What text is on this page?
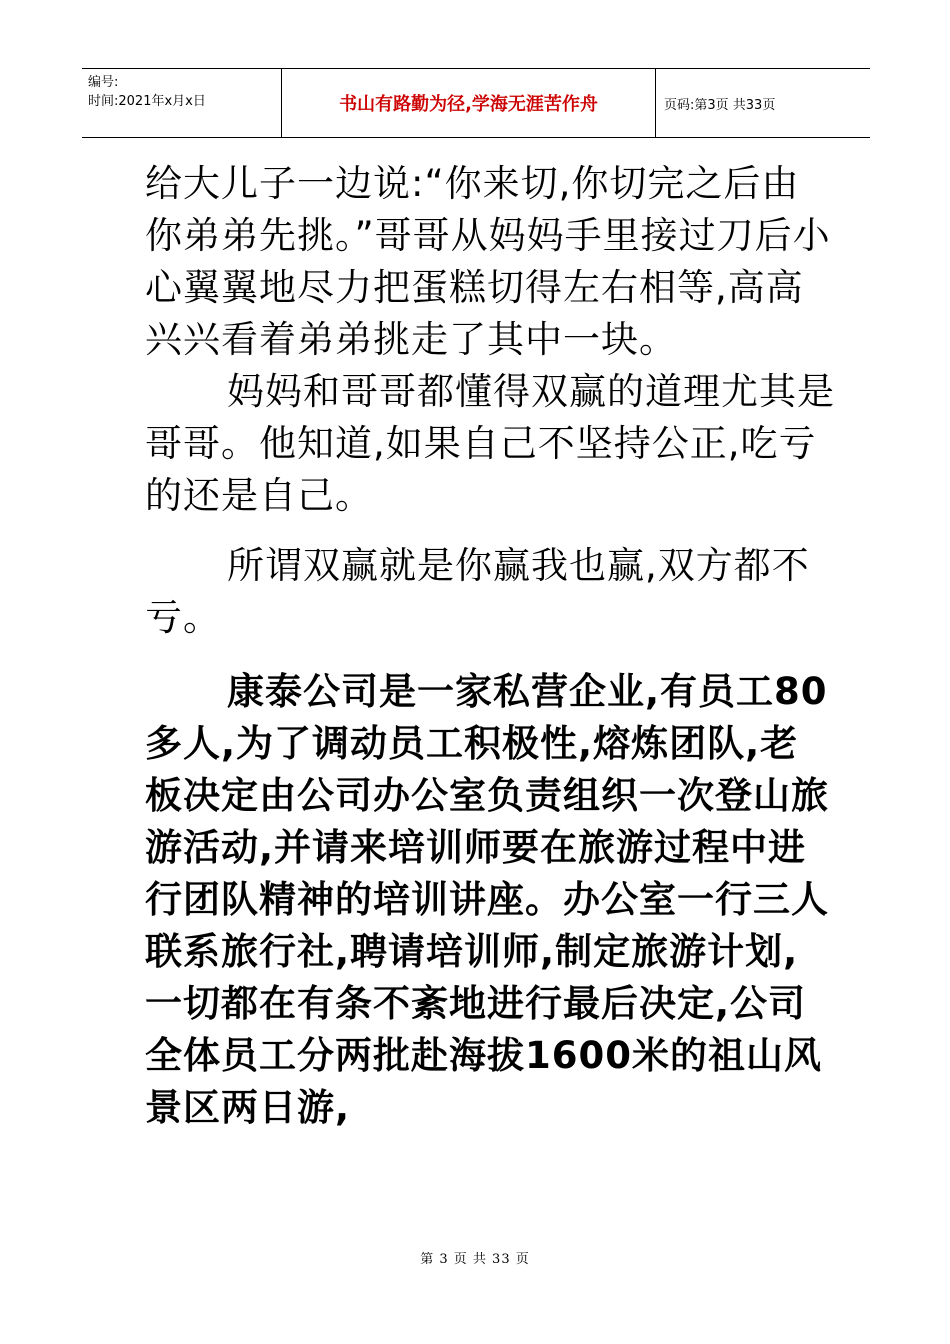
编号:
时间:2021年x月x日	书山有路勤为径,学海无涯苦作舟	页码:第3页 共33页

给大儿子一边说:“你来切,你切完之后由你弟弟先挑。”哥哥从妈妈手里接过刀后小心翼翼地尽力把蛋糕切得左右相等,高高兴兴看着弟弟挑走了其中一块。

妈妈和哥哥都懂得双赢的道理尤其是哥哥。他知道,如果自己不坚持公正,吃亏的还是自己。

所谓双赢就是你赢我也赢,双方都不亏。

康泰公司是一家私营企业,有员工80多人,为了调动员工积极性,熔炼团队,老板决定由公司办公室负责组织一次登山旅游活动,并请来培训师要在旅游过程中进行团队精神的培训讲座。办公室一行三人联系旅行社,聘请培训师,制定旅游计划,一切都在有条不紊地进行最后决定,公司全体员工分两批赴海拔1600米的祖山风景区两日游,

第 3 页 共 33 页
